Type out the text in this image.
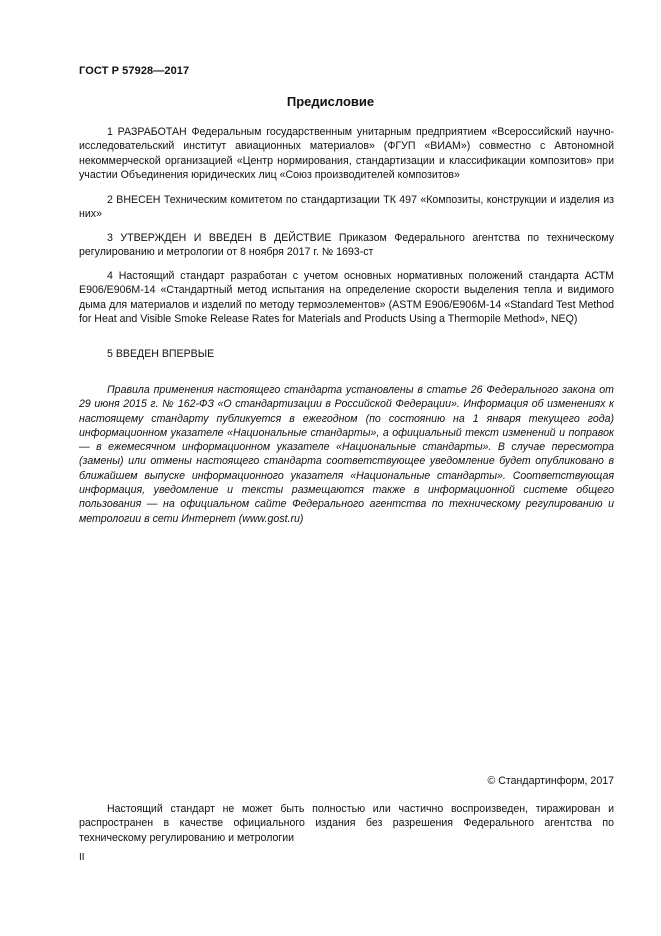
ГОСТ Р 57928—2017
Предисловие
1 РАЗРАБОТАН Федеральным государственным унитарным предприятием «Всероссийский научно-исследовательский институт авиационных материалов» (ФГУП «ВИАМ») совместно с Автономной некоммерческой организацией «Центр нормирования, стандартизации и классификации композитов» при участии Объединения юридических лиц «Союз производителей композитов»
2 ВНЕСЕН Техническим комитетом по стандартизации ТК 497 «Композиты, конструкции и изделия из них»
3 УТВЕРЖДЕН И ВВЕДЕН В ДЕЙСТВИЕ Приказом Федерального агентства по техническому регулированию и метрологии от 8 ноября 2017 г. № 1693-ст
4 Настоящий стандарт разработан с учетом основных нормативных положений стандарта АСТМ Е906/Е906М-14 «Стандартный метод испытания на определение скорости выделения тепла и видимого дыма для материалов и изделий по методу термоэлементов» (ASTM E906/E906M-14 «Standard Test Method for Heat and Visible Smoke Release Rates for Materials and Products Using a Thermopile Method», NEQ)
5 ВВЕДЕН ВПЕРВЫЕ
Правила применения настоящего стандарта установлены в статье 26 Федерального закона от 29 июня 2015 г. № 162-ФЗ «О стандартизации в Российской Федерации». Информация об изменениях к настоящему стандарту публикуется в ежегодном (по состоянию на 1 января текущего года) информационном указателе «Национальные стандарты», а официальный текст изменений и поправок — в ежемесячном информационном указателе «Национальные стандарты». В случае пересмотра (замены) или отмены настоящего стандарта соответствующее уведомление будет опубликовано в ближайшем выпуске информационного указателя «Национальные стандарты». Соответствующая информация, уведомление и тексты размещаются также в информационной системе общего пользования — на официальном сайте Федерального агентства по техническому регулированию и метрологии в сети Интернет (www.gost.ru)
© Стандартинформ, 2017
Настоящий стандарт не может быть полностью или частично воспроизведен, тиражирован и распространен в качестве официального издания без разрешения Федерального агентства по техническому регулированию и метрологии
II
